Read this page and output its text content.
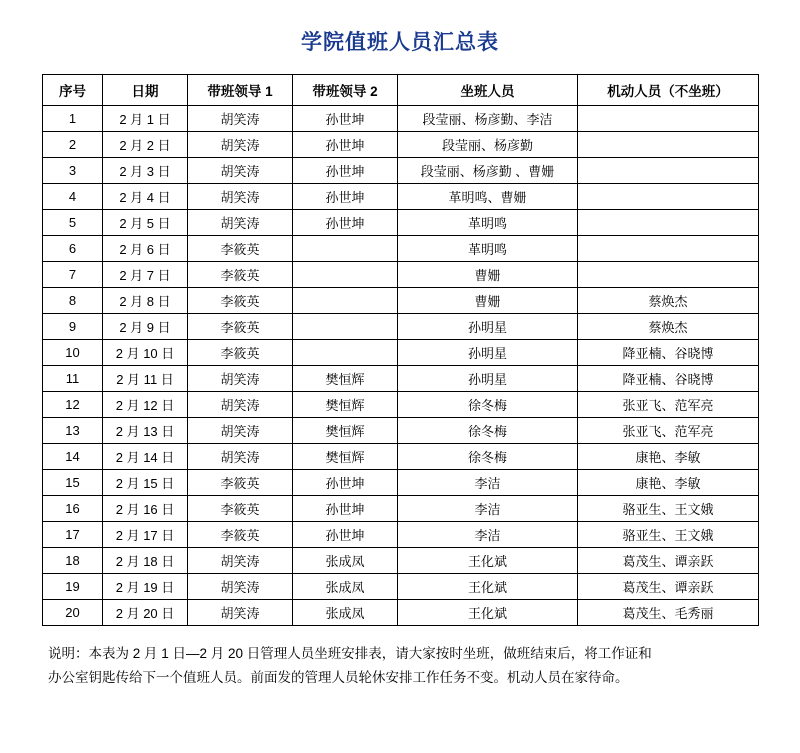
学院值班人员汇总表
序号	日期	带班领导 1	带班领导 2	坐班人员	机动人员（不坐班）
1	2 月 1 日	胡笑涛	孙世坤	段莹丽、杨彦勤、李洁	
2	2 月 2 日	胡笑涛	孙世坤	段莹丽、杨彦勤	
3	2 月 3 日	胡笑涛	孙世坤	段莹丽、杨彦勤 、曹姗	
4	2 月 4 日	胡笑涛	孙世坤	革明鸣、曹姗	
5	2 月 5 日	胡笑涛	孙世坤	革明鸣	
6	2 月 6 日	李筱英		革明鸣	
7	2 月 7 日	李筱英		曹姗	
8	2 月 8 日	李筱英		曹姗	蔡焕杰
9	2 月 9 日	李筱英		孙明星	蔡焕杰
10	2 月 10 日	李筱英		孙明星	降亚楠、谷晓博
11	2 月 11 日	胡笑涛	樊恒辉	孙明星	降亚楠、谷晓博
12	2 月 12 日	胡笑涛	樊恒辉	徐冬梅	张亚飞、范军亮
13	2 月 13 日	胡笑涛	樊恒辉	徐冬梅	张亚飞、范军亮
14	2 月 14 日	胡笑涛	樊恒辉	徐冬梅	康艳、李敏
15	2 月 15 日	李筱英	孙世坤	李洁	康艳、李敏
16	2 月 16 日	李筱英	孙世坤	李洁	骆亚生、王文娥
17	2 月 17 日	李筱英	孙世坤	李洁	骆亚生、王文娥
18	2 月 18 日	胡笑涛	张成凤	王化斌	葛茂生、谭亲跃
19	2 月 19 日	胡笑涛	张成凤	王化斌	葛茂生、谭亲跃
20	2 月 20 日	胡笑涛	张成凤	王化斌	葛茂生、毛秀丽
说明：本表为 2 月 1 日—2 月 20 日管理人员坐班安排表，请大家按时坐班，做班结束后，将工作证和
办公室钥匙传给下一个值班人员。前面发的管理人员轮休安排工作任务不变。机动人员在家待命。
